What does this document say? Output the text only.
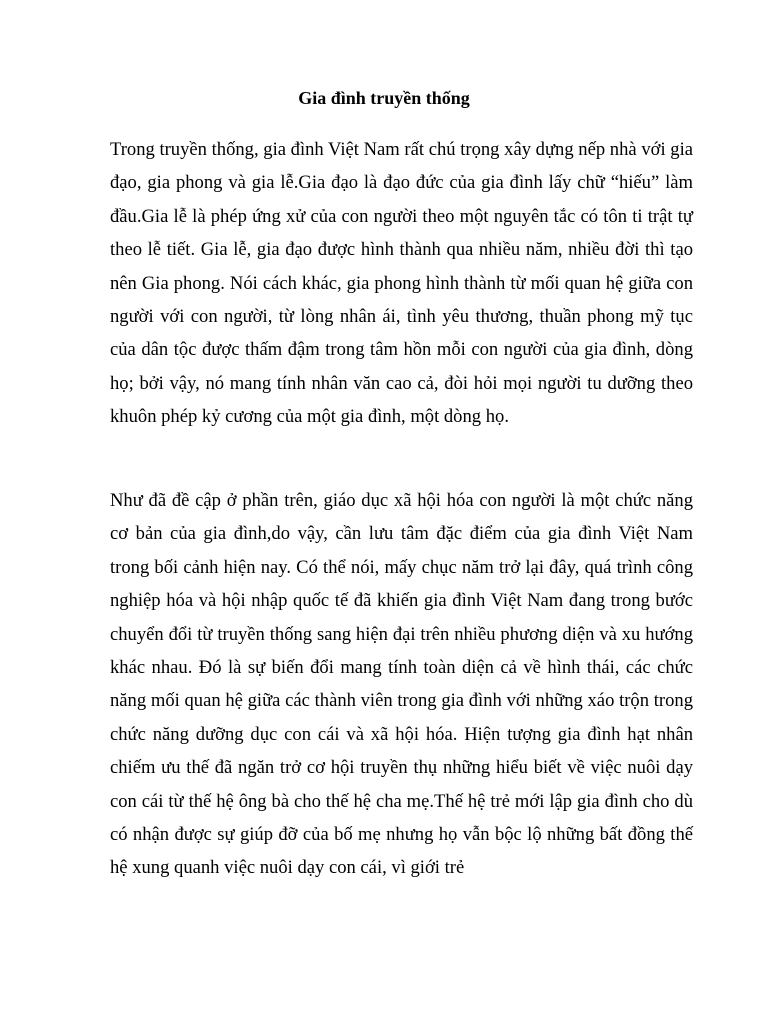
Gia đình truyền thống

Trong truyền thống, gia đình Việt Nam rất chú trọng xây dựng nếp nhà với gia đạo, gia phong và gia lễ.Gia đạo là đạo đức của gia đình lấy chữ “hiếu” làm đầu.Gia lễ là phép ứng xử của con người theo một nguyên tắc có tôn ti trật tự theo lễ tiết. Gia lễ, gia đạo được hình thành qua nhiều năm, nhiều đời thì tạo nên Gia phong. Nói cách khác, gia phong hình thành từ mối quan hệ giữa con người với con người, từ lòng nhân ái, tình yêu thương, thuần phong mỹ tục của dân tộc được thấm đậm trong tâm hồn mỗi con người của gia đình, dòng họ; bởi vậy, nó mang tính nhân văn cao cả, đòi hỏi mọi người tu dưỡng theo khuôn phép kỷ cương của một gia đình, một dòng họ.

Như đã đề cập ở phần trên, giáo dục xã hội hóa con người là một chức năng cơ bản của gia đình,do vậy, cần lưu tâm đặc điểm của gia đình Việt Nam trong bối cảnh hiện nay. Có thể nói, mấy chục năm trở lại đây, quá trình công nghiệp hóa và hội nhập quốc tế đã khiến gia đình Việt Nam đang trong bước chuyển đổi từ truyền thống sang hiện đại trên nhiều phương diện và xu hướng khác nhau. Đó là sự biến đổi mang tính toàn diện cả về hình thái, các chức năng mối quan hệ giữa các thành viên trong gia đình với những xáo trộn trong chức năng dưỡng dục con cái và xã hội hóa. Hiện tượng gia đình hạt nhân chiếm ưu thế đã ngăn trở cơ hội truyền thụ những hiểu biết về việc nuôi dạy con cái từ thế hệ ông bà cho thế hệ cha mẹ.Thế hệ trẻ mới lập gia đình cho dù có nhận được sự giúp đỡ của bố mẹ nhưng họ vẫn bộc lộ những bất đồng thế hệ xung quanh việc nuôi dạy con cái, vì giới trẻ
